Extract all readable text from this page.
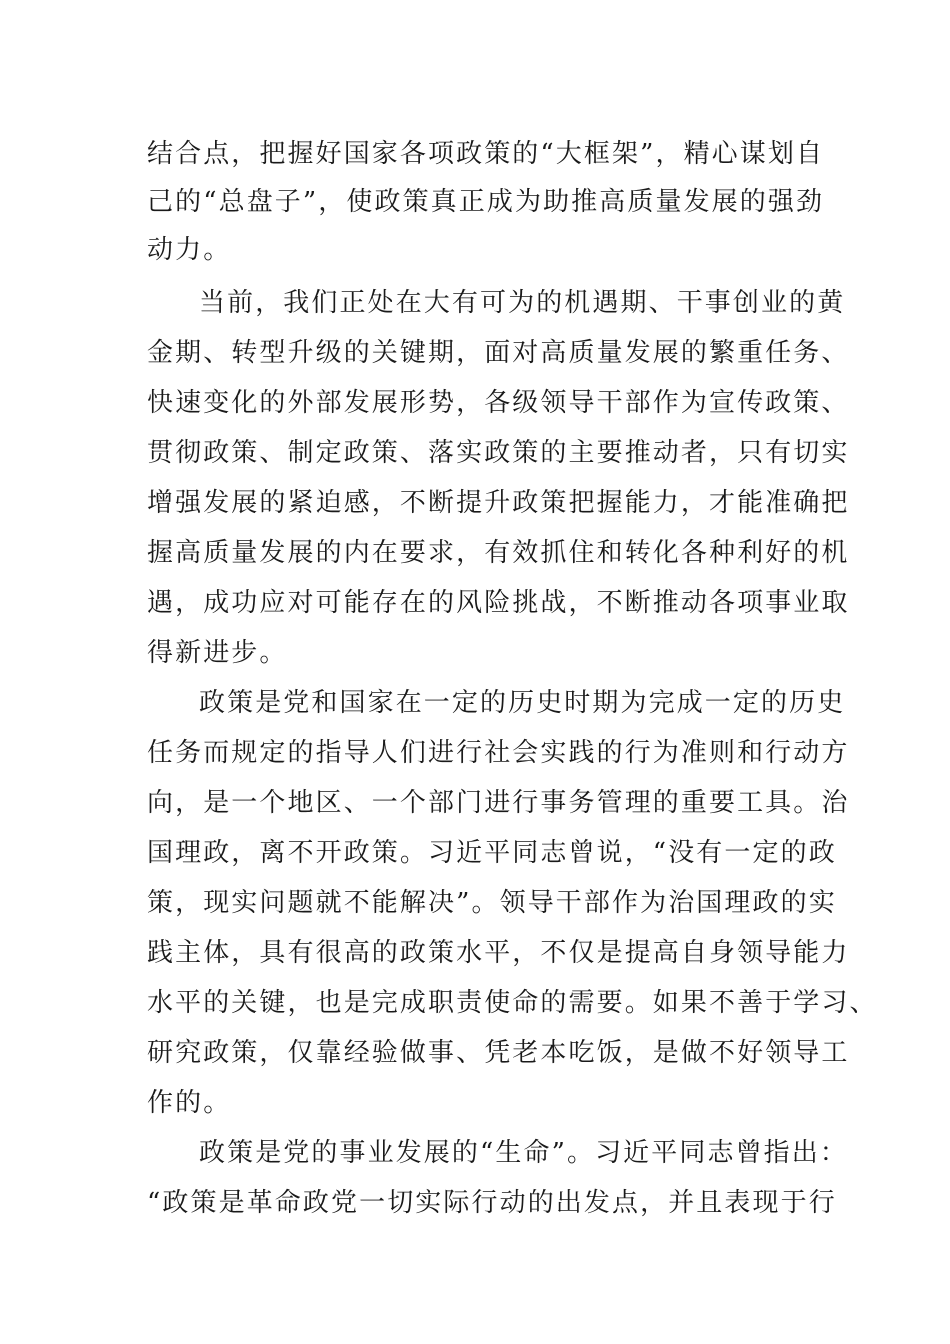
结合点，把握好国家各项政策的“大框架”，精心谋划自
己的“总盘子”，使政策真正成为助推高质量发展的强劲
动力。
当前，我们正处在大有可为的机遇期、干事创业的黄
金期、转型升级的关键期，面对高质量发展的繁重任务、
快速变化的外部发展形势，各级领导干部作为宣传政策、
贯彻政策、制定政策、落实政策的主要推动者，只有切实
增强发展的紧迫感，不断提升政策把握能力，才能准确把
握高质量发展的内在要求，有效抓住和转化各种利好的机
遇，成功应对可能存在的风险挑战，不断推动各项事业取
得新进步。
政策是党和国家在一定的历史时期为完成一定的历史
任务而规定的指导人们进行社会实践的行为准则和行动方
向，是一个地区、一个部门进行事务管理的重要工具。治
国理政，离不开政策。习近平同志曾说，“没有一定的政
策，现实问题就不能解决”。领导干部作为治国理政的实
践主体，具有很高的政策水平，不仅是提高自身领导能力
水平的关键，也是完成职责使命的需要。如果不善于学习、
研究政策，仅靠经验做事、凭老本吃饭，是做不好领导工
作的。
政策是党的事业发展的“生命”。习近平同志曾指出：
“政策是革命政党一切实际行动的出发点，并且表现于行
